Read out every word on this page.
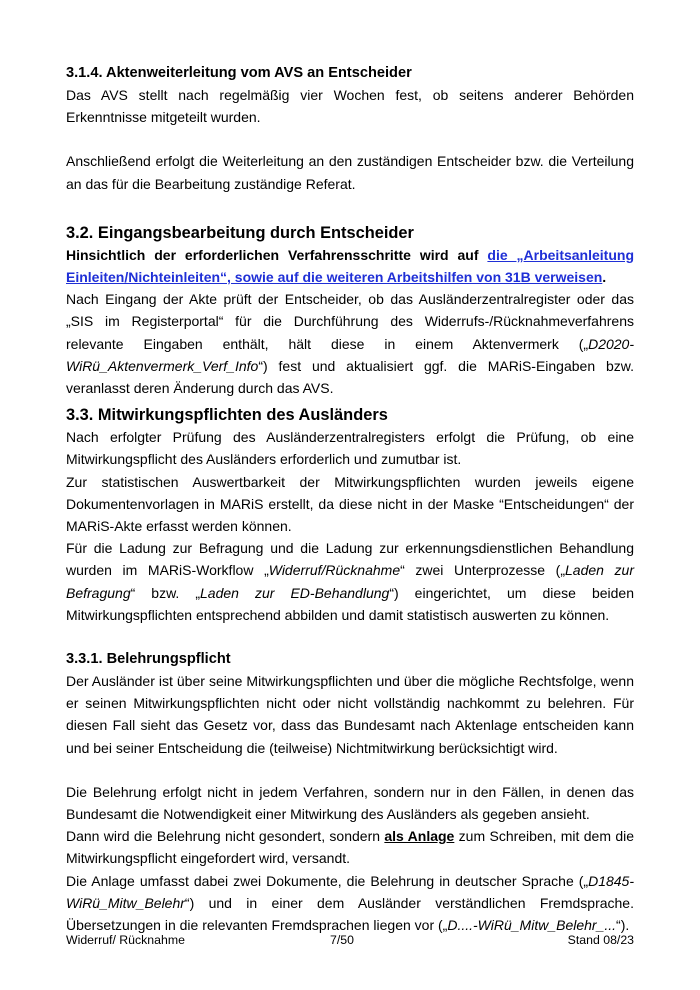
3.1.4. Aktenweiterleitung vom AVS an Entscheider

Das AVS stellt nach regelmäßig vier Wochen fest, ob seitens anderer Behörden Erkenntnisse mitgeteilt wurden.

Anschließend erfolgt die Weiterleitung an den zuständigen Entscheider bzw. die Verteilung an das für die Bearbeitung zuständige Referat.

3.2. Eingangsbearbeitung durch Entscheider

Hinsichtlich der erforderlichen Verfahrensschritte wird auf die „Arbeitsanleitung Einleiten/Nichteinleiten“, sowie auf die weiteren Arbeitshilfen von 31B verweisen.

Nach Eingang der Akte prüft der Entscheider, ob das Ausländerzentralregister oder das „SIS im Registerportal“ für die Durchführung des Widerrufs-/Rücknahmeverfahrens relevante Eingaben enthält, hält diese in einem Aktenvermerk („D2020-WiRü_Aktenvermerk_Verf_Info“) fest und aktualisiert ggf. die MARiS-Eingaben bzw. veranlasst deren Änderung durch das AVS.

3.3. Mitwirkungspflichten des Ausländers

Nach erfolgter Prüfung des Ausländerzentralregisters erfolgt die Prüfung, ob eine Mitwirkungspflicht des Ausländers erforderlich und zumutbar ist.

Zur statistischen Auswertbarkeit der Mitwirkungspflichten wurden jeweils eigene Dokumentenvorlagen in MARiS erstellt, da diese nicht in der Maske “Entscheidungen“ der MARiS-Akte erfasst werden können.

Für die Ladung zur Befragung und die Ladung zur erkennungsdienstlichen Behandlung wurden im MARiS-Workflow „Widerruf/Rücknahme“ zwei Unterprozesse („Laden zur Befragung“ bzw. „Laden zur ED-Behandlung“) eingerichtet, um diese beiden Mitwirkungspflichten entsprechend abbilden und damit statistisch auswerten zu können.

3.3.1. Belehrungspflicht

Der Ausländer ist über seine Mitwirkungspflichten und über die mögliche Rechtsfolge, wenn er seinen Mitwirkungspflichten nicht oder nicht vollständig nachkommt zu belehren. Für diesen Fall sieht das Gesetz vor, dass das Bundesamt nach Aktenlage entscheiden kann und bei seiner Entscheidung die (teilweise) Nichtmitwirkung berücksichtigt wird.

Die Belehrung erfolgt nicht in jedem Verfahren, sondern nur in den Fällen, in denen das Bundesamt die Notwendigkeit einer Mitwirkung des Ausländers als gegeben ansieht.

Dann wird die Belehrung nicht gesondert, sondern als Anlage zum Schreiben, mit dem die Mitwirkungspflicht eingefordert wird, versandt.

Die Anlage umfasst dabei zwei Dokumente, die Belehrung in deutscher Sprache („D1845-WiRü_Mitw_Belehr“) und in einer dem Ausländer verständlichen Fremdsprache. Übersetzungen in die relevanten Fremdsprachen liegen vor („D....-WiRü_Mitw_Belehr_...“).

Widerruf/ Rücknahme	7/50	Stand 08/23
